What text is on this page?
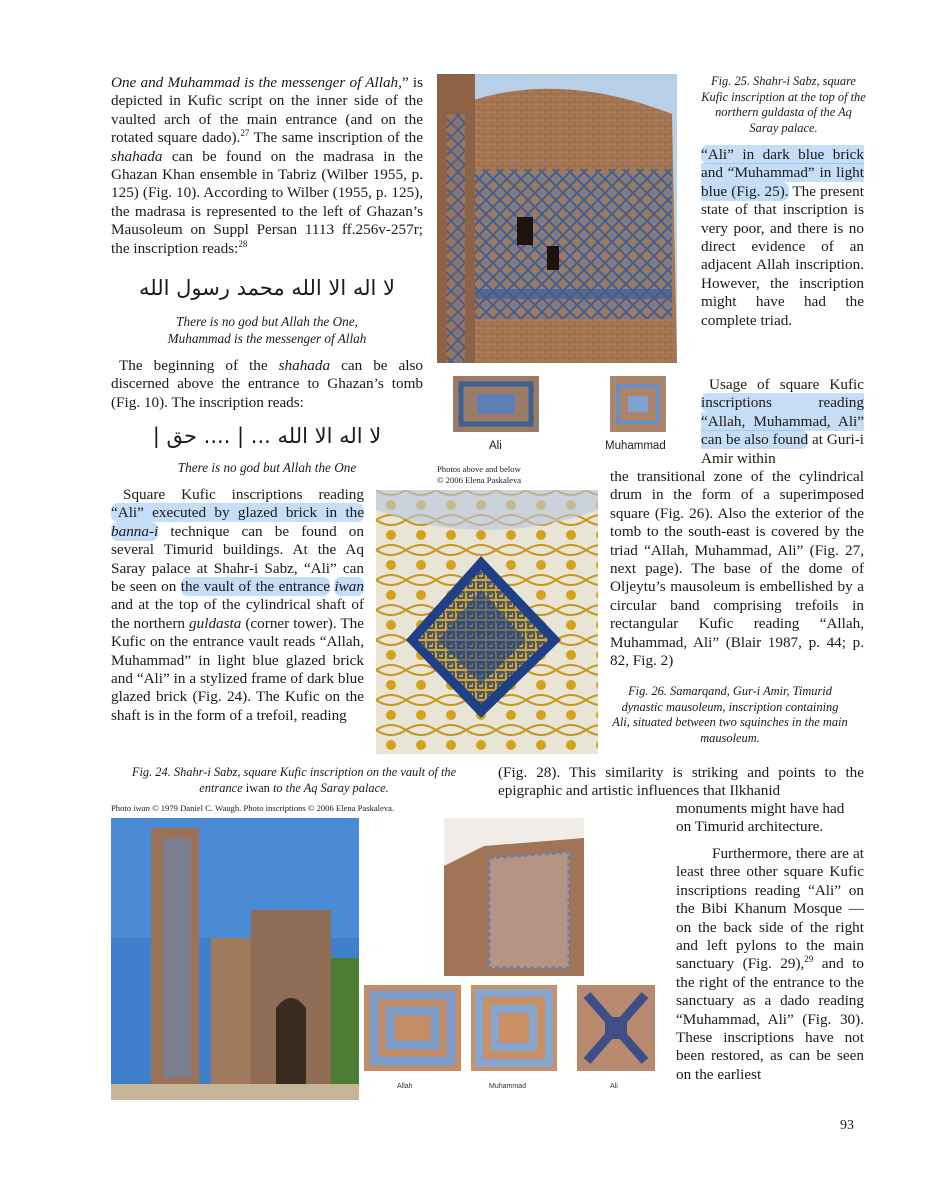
One and Muhammad is the messenger of Allah,” is depicted in Kufic script on the inner side of the vaulted arch of the main entrance (and on the rotated square dado).$^{27}$ The same inscription of the shahada can be found on the madrasa in the Ghazan Khan ensemble in Tabriz (Wilber 1955, p. 125) (Fig. 10). According to Wilber (1955, p. 125), the madrasa is represented to the left of Ghazan’s Mausoleum on Suppl Persan 1113 ff.256v-257r; the inscription reads:$^{28}$

لا اله الا الله محمد رسول الله
There is no god but Allah the One,
Muhammad is the messenger of Allah
The beginning of the shahada can be also discerned above the entrance to Ghazan’s tomb (Fig. 10). The inscription reads:
لا اله الا الله ... | .... حق |
There is no god but Allah the One
Square Kufic inscriptions reading “Ali” executed by glazed brick in the banna-i technique can be found on several Timurid buildings. At the Aq Saray palace at Shahr-i Sabz, “Ali” can be seen on the vault of the entrance iwan and at the top of the cylindrical shaft of the northern guldasta (corner tower). The Kufic on the entrance vault reads “Allah, Muhammad” in light blue glazed brick and “Ali” in a stylized frame of dark blue glazed brick (Fig. 24). The Kufic on the shaft is in the form of a trefoil, reading
Ali	Muhammad
Photos above and below
© 2006 Elena Paskaleva
Fig. 25. Shahr-i Sabz, square Kufic inscription at the top of the northern guldasta of the Aq Saray palace.
“Ali” in dark blue brick and “Muhammad” in light blue (Fig. 25). The present state of that inscription is very poor, and there is no direct evidence of an adjacent Allah inscription. However, the inscription might have had the complete triad.
Usage of square Kufic inscriptions reading “Allah, Muhammad, Ali” can be also found at Guri-i Amir within
the transitional zone of the cylindrical drum in the form of a superimposed square (Fig. 26). Also the exterior of the tomb to the south-east is covered by the triad “Allah, Muhammad, Ali” (Fig. 27, next page). The base of the dome of Oljeytu’s mausoleum is embellished by a circular band comprising trefoils in rectangular Kufic reading “Allah, Muhammad, Ali” (Blair 1987, p. 44; p. 82, Fig. 2)
Fig. 26. Samarqand, Gur-i Amir, Timurid dynastic mausoleum, inscription containing Ali, situated between two squinches in the main mausoleum.
Fig. 24. Shahr-i Sabz, square Kufic inscription on the vault of the entrance iwan to the Aq Saray palace.
Photo iwan © 1979 Daniel C. Waugh. Photo inscriptions © 2006 Elena Paskaleva.
(Fig. 28). This similarity is striking and points to the epigraphic and artistic influences that Ilkhanid
monuments might have had
on Timurid architecture.
Furthermore, there are at least three other square Kufic inscriptions reading “Ali” on the Bibi Khanum Mosque — on the back side of the right and left pylons to the main sanctuary (Fig. 29),$^{29}$ and to the right of the entrance to the sanctuary as a dado reading “Muhammad, Ali” (Fig. 30). These inscriptions have not been restored, as can be seen on the earliest
Allah	Muhammad	Ali
93
